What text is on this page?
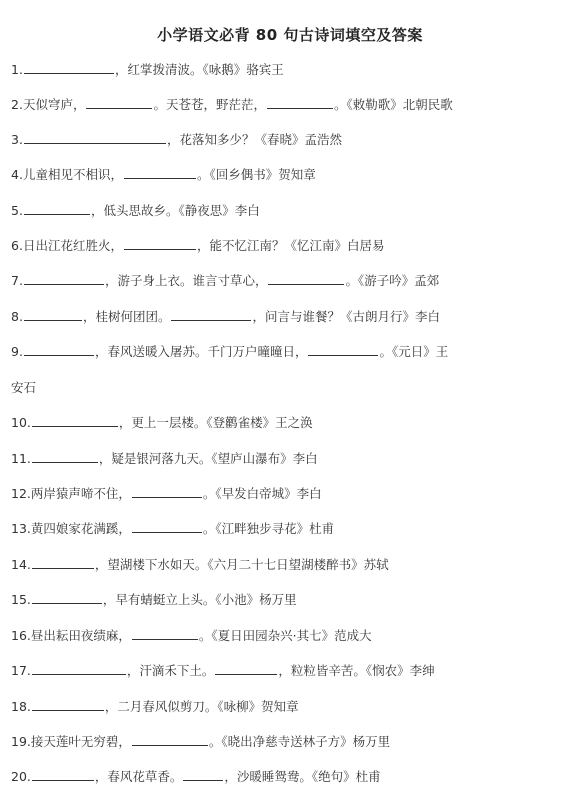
小学语文必背 80 句古诗词填空及答案
1.	，红掌拨清波。《咏鹅》骆宾王
2.天似穹庐，	。天苍苍，野茫茫，	。《敕勒歌》北朝民歌
3.	，花落知多少？《春晓》孟浩然
4.儿童相见不相识，	。《回乡偶书》贺知章
5.	，低头思故乡。《静夜思》李白
6.日出江花红胜火，	，能不忆江南？《忆江南》白居易
7.	，游子身上衣。谁言寸草心，	。《游子吟》孟郊
8.	，桂树何团团。	，问言与谁餐？《古朗月行》李白
9.	，春风送暖入屠苏。千门万户曈曈日，	。《元日》王
安石
10.	，更上一层楼。《登鹳雀楼》王之涣
11.	，疑是银河落九天。《望庐山瀑布》李白
12.两岸猿声啼不住，	。《早发白帝城》李白
13.黄四娘家花满蹊，	。《江畔独步寻花》杜甫
14.	，望湖楼下水如天。《六月二十七日望湖楼醉书》苏轼
15.	，早有蜻蜓立上头。《小池》杨万里
16.昼出耘田夜绩麻，	。《夏日田园杂兴·其七》范成大
17.	，汗滴禾下土。	，粒粒皆辛苦。《悯农》李绅
18.	，二月春风似剪刀。《咏柳》贺知章
19.接天莲叶无穷碧，	。《晓出净慈寺送林子方》杨万里
20.	，春风花草香。	，沙暖睡鸳鸯。《绝句》杜甫
